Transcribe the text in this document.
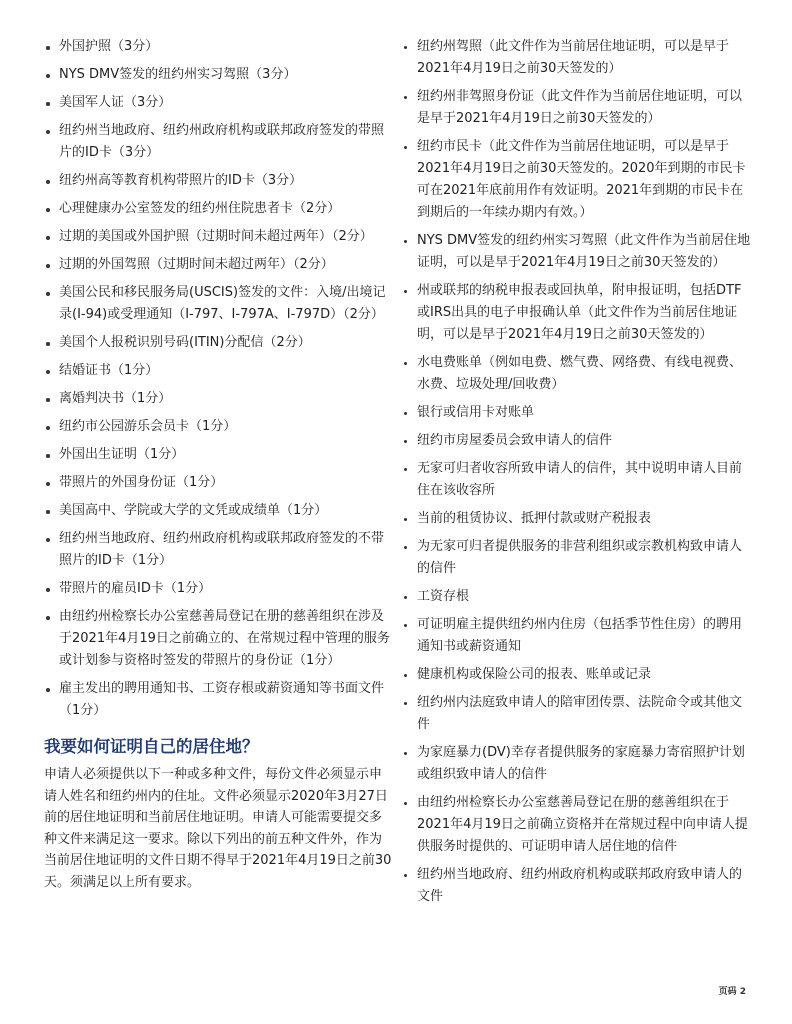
外国护照（3分）
NYS DMV签发的纽约州实习驾照（3分）
美国军人证（3分）
纽约州当地政府、纽约州政府机构或联邦政府签发的带照片的ID卡（3分）
纽约州高等教育机构带照片的ID卡（3分）
心理健康办公室签发的纽约州住院患者卡（2分）
过期的美国或外国护照（过期时间未超过两年）（2分）
过期的外国驾照（过期时间未超过两年）（2分）
美国公民和移民服务局(USCIS)签发的文件：入境/出境记录(I-94)或受理通知（I-797、I-797A、I-797D）（2分）
美国个人报税识别号码(ITIN)分配信（2分）
结婚证书（1分）
离婚判决书（1分）
纽约市公园游乐会员卡（1分）
外国出生证明（1分）
带照片的外国身份证（1分）
美国高中、学院或大学的文凭或成绩单（1分）
纽约州当地政府、纽约州政府机构或联邦政府签发的不带照片的ID卡（1分）
带照片的雇员ID卡（1分）
由纽约州检察长办公室慈善局登记在册的慈善组织在涉及于2021年4月19日之前确立的、在常规过程中管理的服务或计划参与资格时签发的带照片的身份证（1分）
雇主发出的聘用通知书、工资存根或薪资通知等书面文件（1分）
我要如何证明自己的居住地？

申请人必须提供以下一种或多种文件，每份文件必须显示申请人姓名和纽约州内的住址。文件必须显示2020年3月27日前的居住地证明和当前居住地证明。申请人可能需要提交多种文件来满足这一要求。除以下列出的前五种文件外，作为当前居住地证明的文件日期不得早于2021年4月19日之前30天。须满足以上所有要求。

纽约州驾照（此文件作为当前居住地证明，可以是早于2021年4月19日之前30天签发的）
纽约州非驾照身份证（此文件作为当前居住地证明，可以是早于2021年4月19日之前30天签发的）
纽约市民卡（此文件作为当前居住地证明，可以是早于2021年4月19日之前30天签发的。2020年到期的市民卡可在2021年底前用作有效证明。2021年到期的市民卡在到期后的一年续办期内有效。）
NYS DMV签发的纽约州实习驾照（此文件作为当前居住地证明，可以是早于2021年4月19日之前30天签发的）
州或联邦的纳税申报表或回执单，附申报证明，包括DTF或IRS出具的电子申报确认单（此文件作为当前居住地证明，可以是早于2021年4月19日之前30天签发的）
水电费账单（例如电费、燃气费、网络费、有线电视费、水费、垃圾处理/回收费）
银行或信用卡对账单
纽约市房屋委员会致申请人的信件
无家可归者收容所致申请人的信件，其中说明申请人目前住在该收容所
当前的租赁协议、抵押付款或财产税报表
为无家可归者提供服务的非营利组织或宗教机构致申请人的信件
工资存根
可证明雇主提供纽约州内住房（包括季节性住房）的聘用通知书或薪资通知
健康机构或保险公司的报表、账单或记录
纽约州内法庭致申请人的陪审团传票、法院命令或其他文件
为家庭暴力(DV)幸存者提供服务的家庭暴力寄宿照护计划或组织致申请人的信件
由纽约州检察长办公室慈善局登记在册的慈善组织在于2021年4月19日之前确立资格并在常规过程中向申请人提供服务时提供的、可证明申请人居住地的信件
纽约州当地政府、纽约州政府机构或联邦政府致申请人的文件
页码 2
